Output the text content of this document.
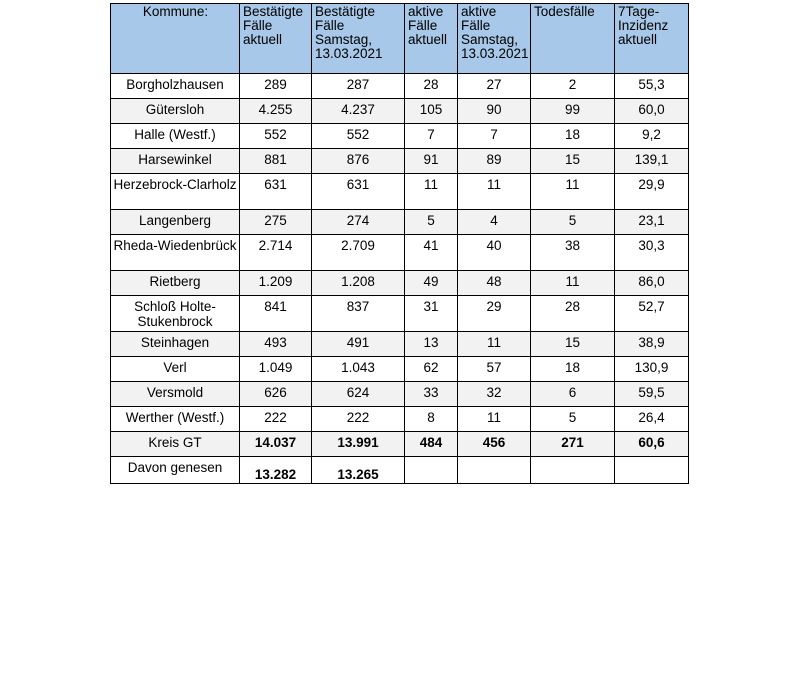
Kommune:	Bestätigte Fälle aktuell	Bestätigte Fälle Samstag, 13.03.2021	aktive Fälle aktuell	aktive Fälle Samstag, 13.03.2021	Todesfälle	7Tage-Inzidenz aktuell
Borgholzhausen	289	287	28	27	2	55,3
Gütersloh	4.255	4.237	105	90	99	60,0
Halle (Westf.)	552	552	7	7	18	9,2
Harsewinkel	881	876	91	89	15	139,1
Herzebrock-Clarholz	631	631	11	11	11	29,9
Langenberg	275	274	5	4	5	23,1
Rheda-Wiedenbrück	2.714	2.709	41	40	38	30,3
Rietberg	1.209	1.208	49	48	11	86,0
Schloß Holte-Stukenbrock	841	837	31	29	28	52,7
Steinhagen	493	491	13	11	15	38,9
Verl	1.049	1.043	62	57	18	130,9
Versmold	626	624	33	32	6	59,5
Werther (Westf.)	222	222	8	11	5	26,4
Kreis GT	14.037	13.991	484	456	271	60,6
Davon genesen	13.282	13.265				
